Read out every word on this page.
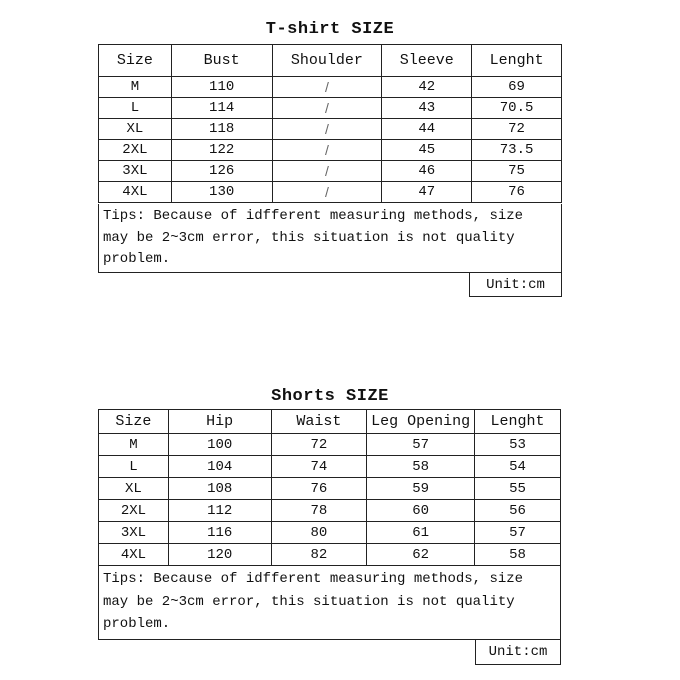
T-shirt SIZE
Size	Bust	Shoulder	Sleeve	Lenght
M	110	/	42	69
L	114	/	43	70.5
XL	118	/	44	72
2XL	122	/	45	73.5
3XL	126	/	46	75
4XL	130	/	47	76
Tips: Because of idfferent measuring methods, size
may be 2~3cm error, this situation is not quality
problem.
Unit:cm
Shorts SIZE
Size	Hip	Waist	Leg Opening	Lenght
M	100	72	57	53
L	104	74	58	54
XL	108	76	59	55
2XL	112	78	60	56
3XL	116	80	61	57
4XL	120	82	62	58
Tips: Because of idfferent measuring methods, size
may be 2~3cm error, this situation is not quality
problem.
Unit:cm
